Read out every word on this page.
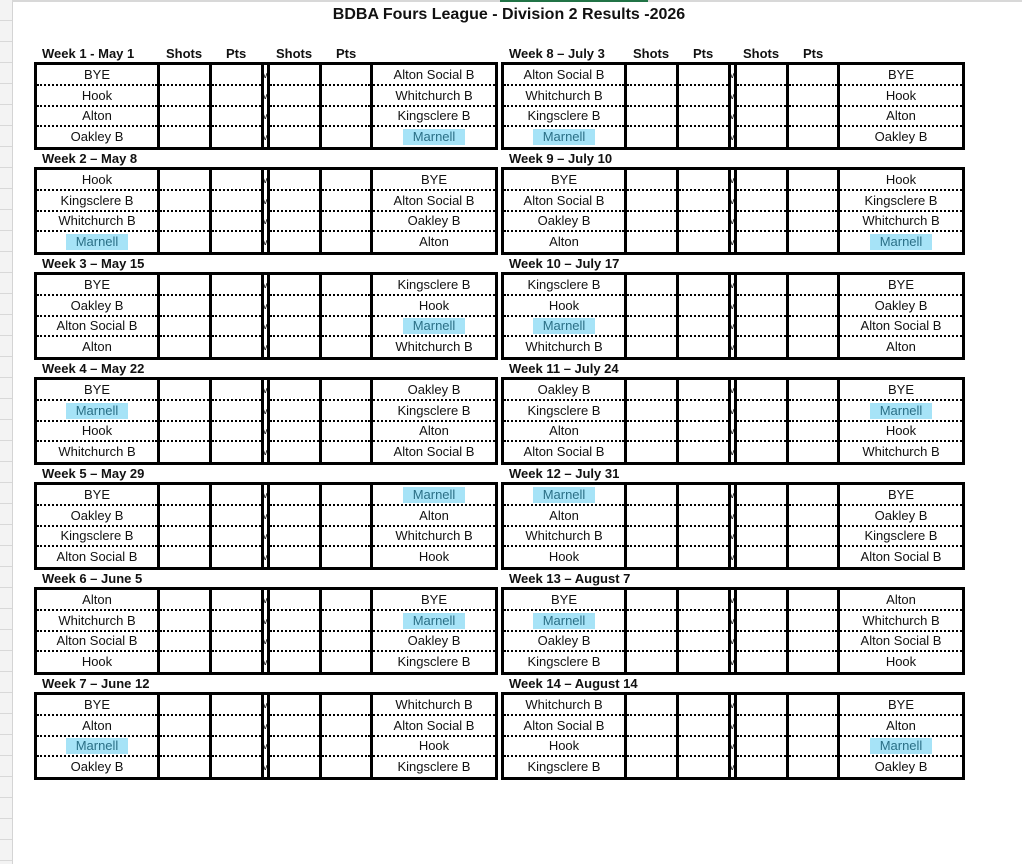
BDBA Fours League - Division 2 Results -2026
Week 1 - May 1 Shots Pts Shots Pts
BYE	v	Alton Social B
Hook	v	Whitchurch B
Alton	v	Kingsclere B
Oakley B	v	Marnell
Week 2 – May 8
Hook	v	BYE
Kingsclere B	v	Alton Social B
Whitchurch B	v	Oakley B
Marnell	v	Alton
Week 3 – May 15
BYE	v	Kingsclere B
Oakley B	v	Hook
Alton Social B	v	Marnell
Alton	v	Whitchurch B
Week 4 – May 22
BYE	v	Oakley B
Marnell	v	Kingsclere B
Hook	v	Alton
Whitchurch B	v	Alton Social B
Week 5 – May 29
BYE	v	Marnell
Oakley B	v	Alton
Kingsclere B	v	Whitchurch B
Alton Social B	v	Hook
Week 6 – June 5
Alton	v	BYE
Whitchurch B	v	Marnell
Alton Social B	v	Oakley B
Hook	v	Kingsclere B
Week 7 – June 12
BYE	v	Whitchurch B
Alton	v	Alton Social B
Marnell	v	Hook
Oakley B	v	Kingsclere B
Week 8 – July 3 Shots Pts Shots Pts
Alton Social B	v	BYE
Whitchurch B	v	Hook
Kingsclere B	v	Alton
Marnell	v	Oakley B
Week 9 – July 10
BYE	v	Hook
Alton Social B	v	Kingsclere B
Oakley B	v	Whitchurch B
Alton	v	Marnell
Week 10 – July 17
Kingsclere B	v	BYE
Hook	v	Oakley B
Marnell	v	Alton Social B
Whitchurch B	v	Alton
Week 11 – July 24
Oakley B	v	BYE
Kingsclere B	v	Marnell
Alton	v	Hook
Alton Social B	v	Whitchurch B
Week 12 – July 31
Marnell	v	BYE
Alton	v	Oakley B
Whitchurch B	v	Kingsclere B
Hook	v	Alton Social B
Week 13 – August 7
BYE	v	Alton
Marnell	v	Whitchurch B
Oakley B	v	Alton Social B
Kingsclere B	v	Hook
Week 14 – August 14
Whitchurch B	v	BYE
Alton Social B	v	Alton
Hook	v	Marnell
Kingsclere B	v	Oakley B
